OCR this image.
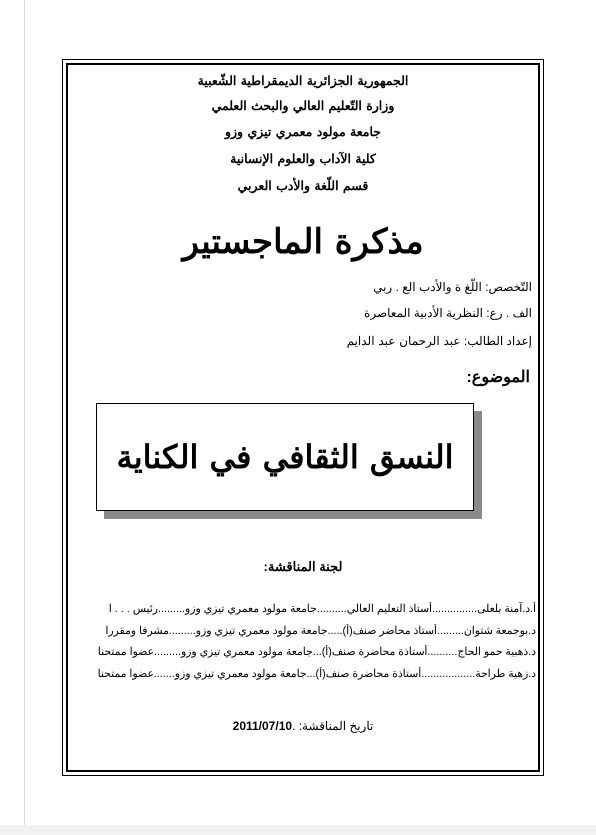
الجمهورية الجزائرية الديمقراطية الشّعبية
وزارة التّعليم العالي والبحث العلمي
جامعة مولود معمري تيزي وزو
كلية الآداب والعلوم الإنسانية
قسم اللّغة والأدب العربي
مذكرة الماجستير
التّخصص: اللّغ ة والأدب الع . ربي
الف . رع: النظرية الأدبية المعاصرة
إعداد الطالب: عبد الرحمان عبد الدايم
الموضوع:
النسق الثقافي في الكناية
لجنة المناقشة:
أ.د.آمنة بلعلى...............أستاذ التعليم العالي..........جامعة مولود معمري تيزي وزو.........رئيس . . . ا
د.بوجمعة شتوان.........أستاذ محاضر صنف(أ).....جامعة مولود معمري تيزي وزو.........مشرفا ومقررا
د.ذهبية حمو الحاج..........أستاذة محاضرة صنف(أ)...جامعة مولود معمري تيزي وزو.........عضوا ممتحنا
د.زهية طراحة..................أستاذة محاضرة صنف(أ)...جامعة مولود معمري تيزي وزو.......عضوا ممتحنا
تاريخ المناقشة: .2011/07/10
